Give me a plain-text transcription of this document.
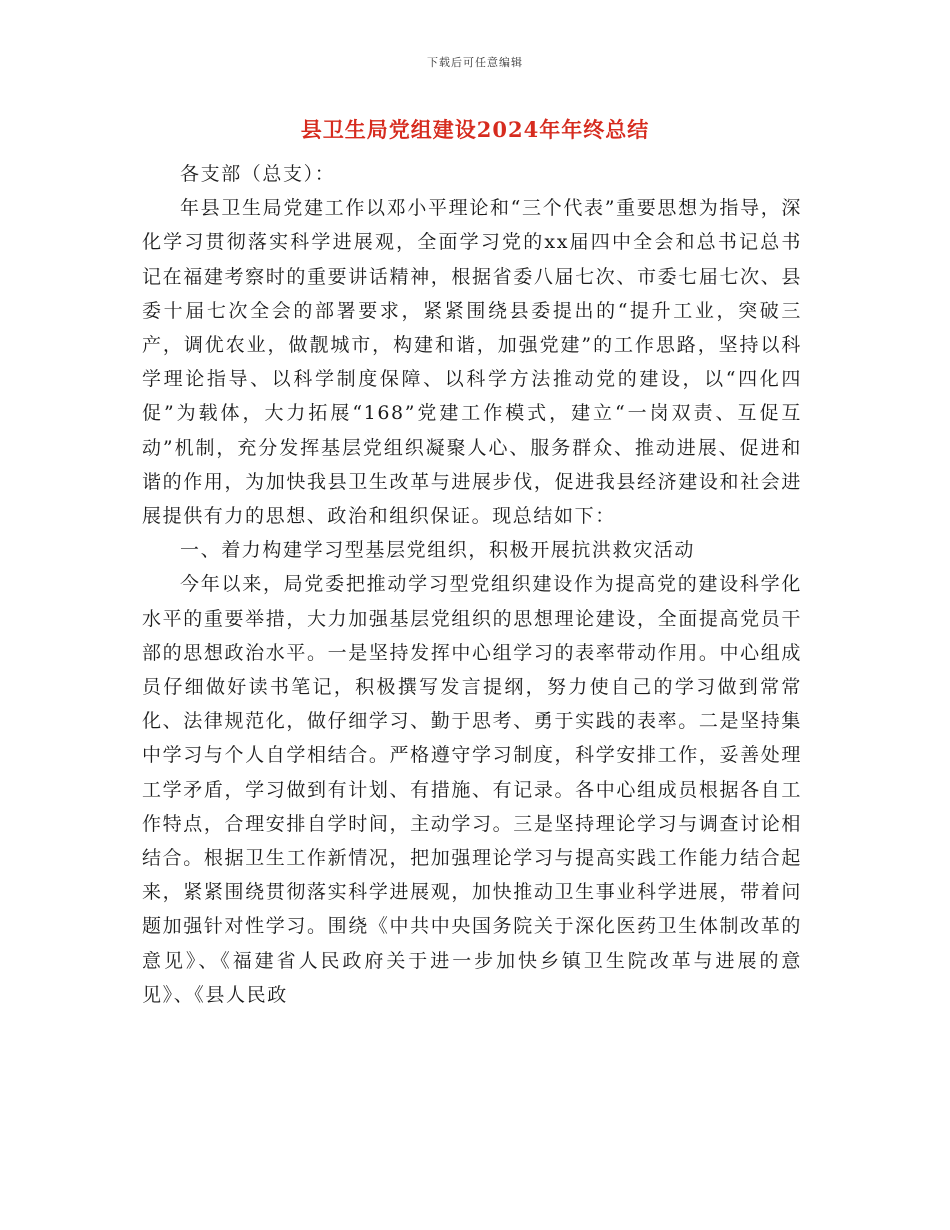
下载后可任意编辑
县卫生局党组建设2024年年终总结

各支部（总支）：

年县卫生局党建工作以邓小平理论和“三个代表”重要思想为指导，深化学习贯彻落实科学进展观，全面学习党的xx届四中全会和总书记总书记在福建考察时的重要讲话精神，根据省委八届七次、市委七届七次、县委十届七次全会的部署要求，紧紧围绕县委提出的“提升工业，突破三产，调优农业，做靓城市，构建和谐，加强党建”的工作思路，坚持以科学理论指导、以科学制度保障、以科学方法推动党的建设，以“四化四促”为载体，大力拓展“168”党建工作模式，建立“一岗双责、互促互动”机制，充分发挥基层党组织凝聚人心、服务群众、推动进展、促进和谐的作用，为加快我县卫生改革与进展步伐，促进我县经济建设和社会进展提供有力的思想、政治和组织保证。现总结如下：

一、着力构建学习型基层党组织，积极开展抗洪救灾活动

今年以来，局党委把推动学习型党组织建设作为提高党的建设科学化水平的重要举措，大力加强基层党组织的思想理论建设，全面提高党员干部的思想政治水平。一是坚持发挥中心组学习的表率带动作用。中心组成员仔细做好读书笔记，积极撰写发言提纲，努力使自己的学习做到常常化、法律规范化，做仔细学习、勤于思考、勇于实践的表率。二是坚持集中学习与个人自学相结合。严格遵守学习制度，科学安排工作，妥善处理工学矛盾，学习做到有计划、有措施、有记录。各中心组成员根据各自工作特点，合理安排自学时间，主动学习。三是坚持理论学习与调查讨论相结合。根据卫生工作新情况，把加强理论学习与提高实践工作能力结合起来，紧紧围绕贯彻落实科学进展观，加快推动卫生事业科学进展，带着问题加强针对性学习。围绕《中共中央国务院关于深化医药卫生体制改革的意见》、《福建省人民政府关于进一步加快乡镇卫生院改革与进展的意见》、《县人民政
